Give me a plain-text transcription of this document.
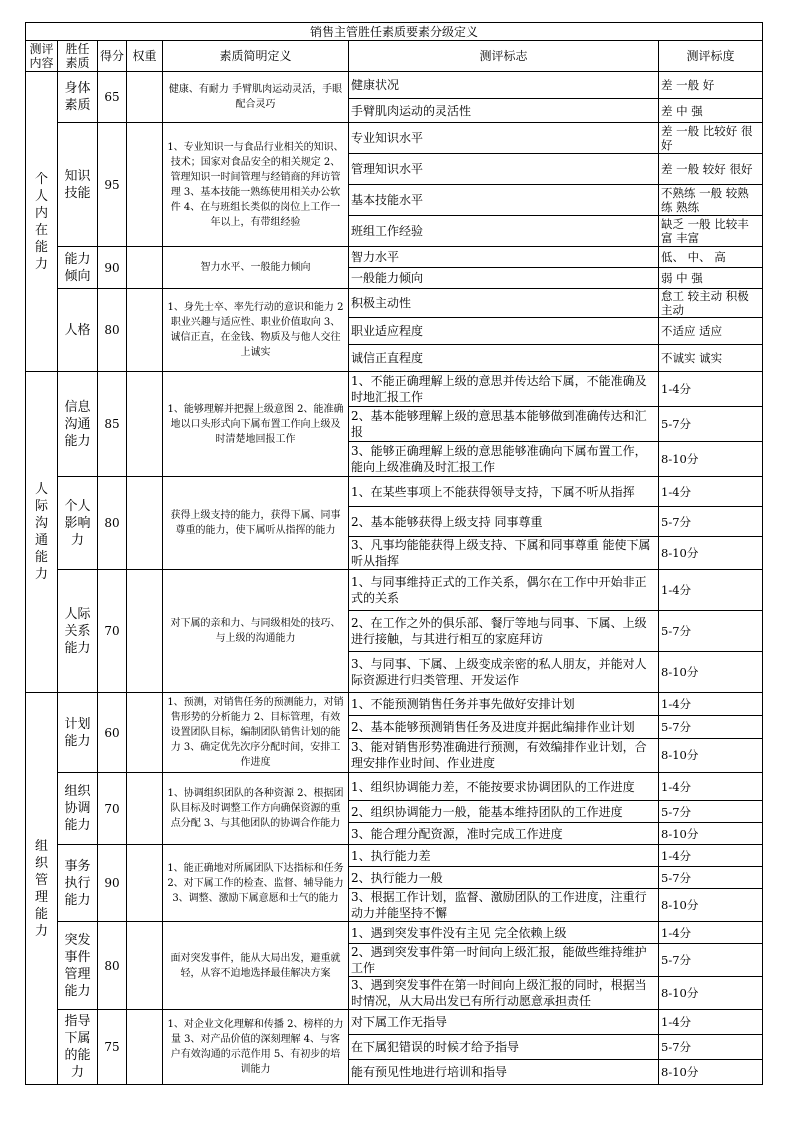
销售主管胜任素质要素分级定义						
测评内容	胜任素质	得分	权重	素质简明定义	测评标志	测评标度
个人内在能力	身体素质	65		健康、有耐力 手臂肌肉运动灵活，手眼配合灵巧	健康状况	差 一般 好
					手臂肌肉运动的灵活性	差 中 强
	知识技能	95		1、专业知识一与食品行业相关的知识、技术；国家对食品安全的相关规定 2、管理知识一时间管理与经销商的拜访管理 3、基本技能一熟练使用相关办公软件 4、在与班组长类似的岗位上工作一年以上，有带组经验	专业知识水平	差 一般 比较好 很好
					管理知识水平	差 一般 较好 很好
					基本技能水平	不熟练 一般 较熟练 熟练
					班组工作经验	缺乏 一般 比较丰富 丰富
	能力倾向	90		智力水平、一般能力倾向	智力水平	低、 中、 高
					一般能力倾向	弱 中 强
	人格	80		1、身先士卒、率先行动的意识和能力 2职业兴趣与适应性、职业价值取向 3、诚信正直，在金钱、物质及与他人交往上诚实	积极主动性	怠工 较主动 积极主动
					职业适应程度	不适应 适应
					诚信正直程度	不诚实 诚实
人际沟通能力	信息沟通能力	85		1、能够理解并把握上级意图 2、能准确地以口头形式向下属布置工作向上级及时清楚地回报工作	1、不能正确理解上级的意思并传达给下属，不能准确及时地汇报工作	1-4分
					2、基本能够理解上级的意思基本能够做到准确传达和汇报	5-7分
					3、能够正确理解上级的意思能够准确向下属布置工作，能向上级准确及时汇报工作	8-10分
	个人影响力	80		获得上级支持的能力，获得下属、同事尊重的能力，使下属听从指挥的能力	1、在某些事项上不能获得领导支持，下属不听从指挥	1-4分
					2、基本能够获得上级支持 同事尊重	5-7分
					3、凡事均能能获得上级支持、下属和同事尊重 能使下属听从指挥	8-10分
	人际关系能力	70		对下属的亲和力、与同级相处的技巧、与上级的沟通能力	1、与同事维持正式的工作关系，偶尔在工作中开始非正式的关系	1-4分
					2、在工作之外的俱乐部、餐厅等地与同事、下属、上级进行接触，与其进行相互的家庭拜访	5-7分
					3、与同事、下属、上级变成亲密的私人朋友，并能对人际资源进行归类管理、开发运作	8-10分
组织管理能力	计划能力	60		1、预测，对销售任务的预测能力，对销售形势的分析能力 2、目标管理，有效设置团队目标，编制团队销售计划的能力 3、确定优先次序分配时间，安排工作进度	1、不能预测销售任务并事先做好安排计划	1-4分
					2、基本能够预测销售任务及进度并据此编排作业计划	5-7分
					3、能对销售形势准确进行预测，有效编排作业计划，合理安排作业时间、作业进度	8-10分
	组织协调能力	70		1、协调组织团队的各种资源 2、根据团队目标及时调整工作方向确保资源的重点分配 3、与其他团队的协调合作能力	1、组织协调能力差，不能按要求协调团队的工作进度	1-4分
					2、组织协调能力一般，能基本维持团队的工作进度	5-7分
					3、能合理分配资源，准时完成工作进度	8-10分
	事务执行能力	90		1、能正确地对所属团队下达指标和任务 2、对下属工作的检查、监督、辅导能力 3、调整、激励下属意愿和士气的能力	1、执行能力差	1-4分
					2、执行能力一般	5-7分
					3、根据工作计划，监督、激励团队的工作进度，注重行动力并能坚持不懈	8-10分
	突发事件管理能力	80		面对突发事件，能从大局出发，避重就轻，从容不迫地选择最佳解决方案	1、遇到突发事件没有主见 完全依赖上级	1-4分
					2、遇到突发事件第一时间向上级汇报，能做些维持维护工作	5-7分
					3、遇到突发事件在第一时间向上级汇报的同时，根据当时情况，从大局出发已有所行动愿意承担责任	8-10分
	指导下属的能力	75		1、对企业文化理解和传播 2、榜样的力量 3、对产品价值的深刻理解 4、与客户有效沟通的示范作用 5、有初步的培训能力	对下属工作无指导	1-4分
					在下属犯错误的时候才给予指导	5-7分
					能有预见性地进行培训和指导	8-10分
